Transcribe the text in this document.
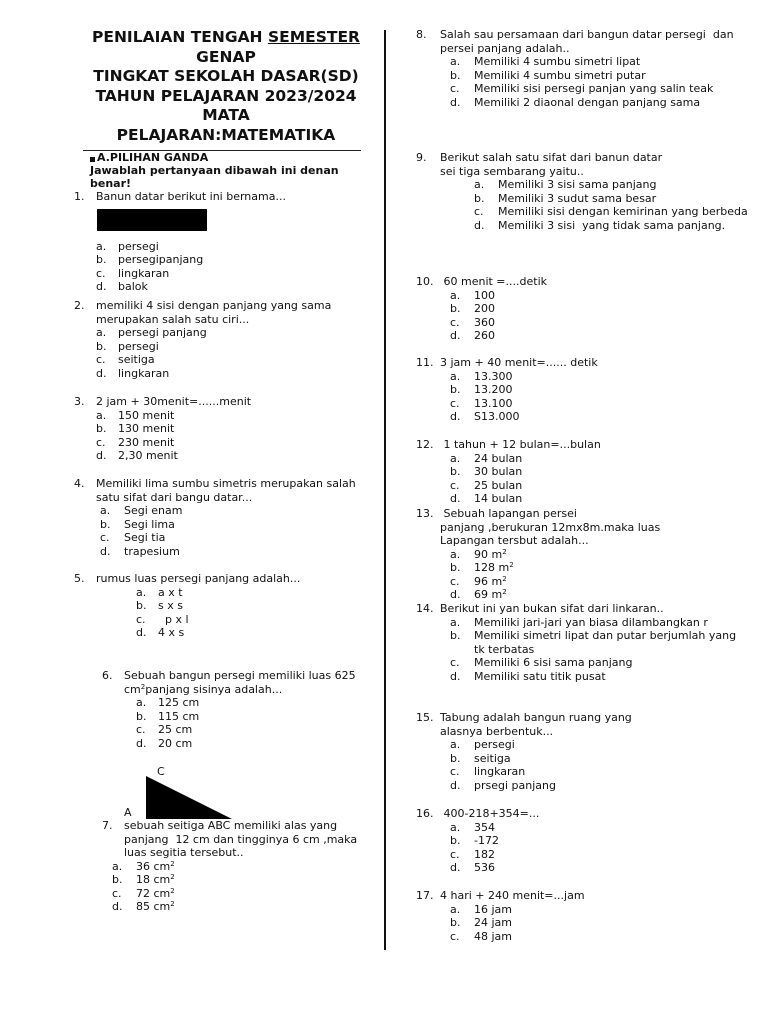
PENILAIAN TENGAH SEMESTER
GENAP
TINGKAT SEKOLAH DASAR(SD)
TAHUN PELAJARAN 2023/2024
MATA
PELAJARAN:MATEMATIKA
A.PILIHAN GANDA
Jawablah pertanyaan dibawah ini denan
benar!
C
A
1.	Banun datar berikut ini bernama...
a. persegi
b. persegipanjang
c. lingkaran
d. balok
2.	memiliki 4 sisi dengan panjang yang sama
merupakan salah satu ciri...
a. persegi panjang
b. persegi
c. seitiga
d. lingkaran
3.	2 jam + 30menit=......menit
a. 150 menit
b. 130 menit
c. 230 menit
d. 2,30 menit
4.	Memiliki lima sumbu simetris merupakan salah
satu sifat dari bangu datar...
a. Segi enam
b. Segi lima
c. Segi tia
d. trapesium
5.	rumus luas persegi panjang adalah...
a. a x t
b. s x s
c. p x l
d. 4 x s
6.	Sebuah bangun persegi memiliki luas 625
$cm^2panjang$ sisinya adalah...
a. 125 cm
b. 115 cm
c. 25 cm
d. 20 cm
7.	sebuah seitiga ABC memiliki alas yang
panjang  12 cm dan tingginya 6 cm ,maka
luas segitia tersebut..
a. 36 $cm^2$
b. 18 $cm^2$
c. 72 $cm^2$
d. 85 $cm^2$
8.	Salah sau persamaan dari bangun datar persegi  dan
persei panjang adalah..
a. Memiliki 4 sumbu simetri lipat
b. Memiliki 4 sumbu simetri putar
c. Memiliki sisi persegi panjan yang salin teak
d. Memiliki 2 diaonal dengan panjang sama
9.	Berikut salah satu sifat dari banun datar
sei tiga sembarang yaitu..
a. Memiliki 3 sisi sama panjang
b. Memiliki 3 sudut sama besar
c. Memiliki sisi dengan kemirinan yang berbeda
d. Memiliki 3 sisi  yang tidak sama panjang.
10. 60 menit =....detik
a. 100
b. 200
c. 360
d. 260
11. 3 jam + 40 menit=...... detik
a. 13.300
b. 13.200
c. 13.100
d. S13.000
12. 1 tahun + 12 bulan=...bulan
a. 24 bulan
b. 30 bulan
c. 25 bulan
d. 14 bulan
13. Sebuah lapangan persei
panjang ,berukuran 12mx8m.maka luas
Lapangan tersbut adalah...
a. 90 $m^2$
b. 128 $m^2$
c. 96 $m^2$
d. 69 $m^2$
14. Berikut ini yan bukan sifat dari linkaran..
a. Memiliki jari-jari yan biasa dilambangkan r
b. Memiliki simetri lipat dan putar berjumlah yang tk terbatas
c. Memiliki 6 sisi sama panjang
d. Memiliki satu titik pusat
15. Tabung adalah bangun ruang yang
alasnya berbentuk...
a. persegi
b. seitiga
c. lingkaran
d. prsegi panjang
16. 400-218+354=...
a. 354
b. -172
c. 182
d. 536
17. 4 hari + 240 menit=...jam
a. 16 jam
b. 24 jam
c. 48 jam
